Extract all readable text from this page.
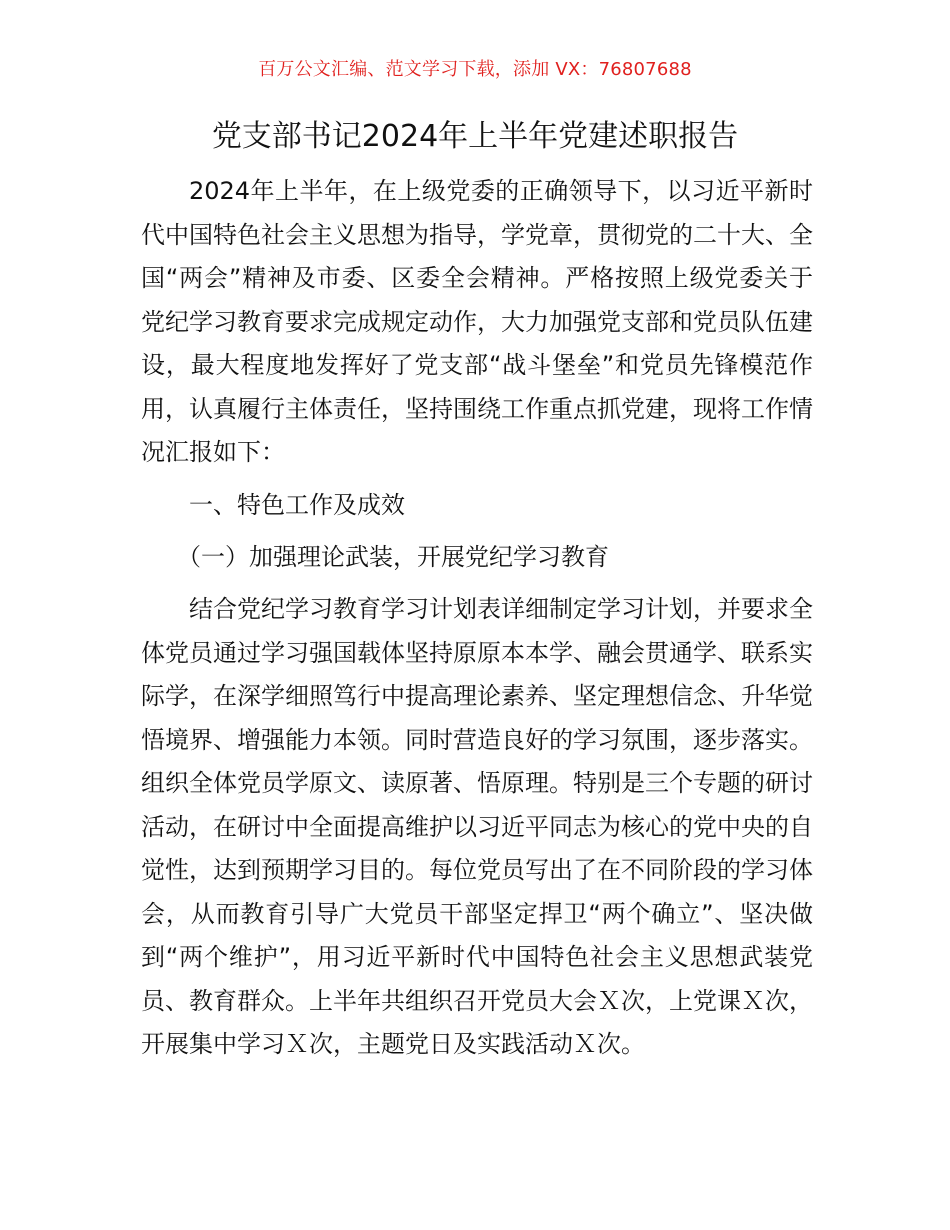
百万公文汇编、范文学习下载，添加 VX：76807688
党支部书记2024年上半年党建述职报告

2024年上半年，在上级党委的正确领导下，以习近平新时代中国特色社会主义思想为指导，学党章，贯彻党的二十大、全国“两会”精神及市委、区委全会精神。严格按照上级党委关于党纪学习教育要求完成规定动作，大力加强党支部和党员队伍建设，最大程度地发挥好了党支部“战斗堡垒”和党员先锋模范作用，认真履行主体责任，坚持围绕工作重点抓党建，现将工作情况汇报如下：

一、特色工作及成效

（一）加强理论武装，开展党纪学习教育

结合党纪学习教育学习计划表详细制定学习计划，并要求全体党员通过学习强国载体坚持原原本本学、融会贯通学、联系实际学，在深学细照笃行中提高理论素养、坚定理想信念、升华觉悟境界、增强能力本领。同时营造良好的学习氛围，逐步落实。组织全体党员学原文、读原著、悟原理。特别是三个专题的研讨活动，在研讨中全面提高维护以习近平同志为核心的党中央的自觉性，达到预期学习目的。每位党员写出了在不同阶段的学习体会，从而教育引导广大党员干部坚定捍卫“两个确立”、坚决做到“两个维护”，用习近平新时代中国特色社会主义思想武装党员、教育群众。上半年共组织召开党员大会Ｘ次，上党课Ｘ次，开展集中学习Ｘ次，主题党日及实践活动Ｘ次。
